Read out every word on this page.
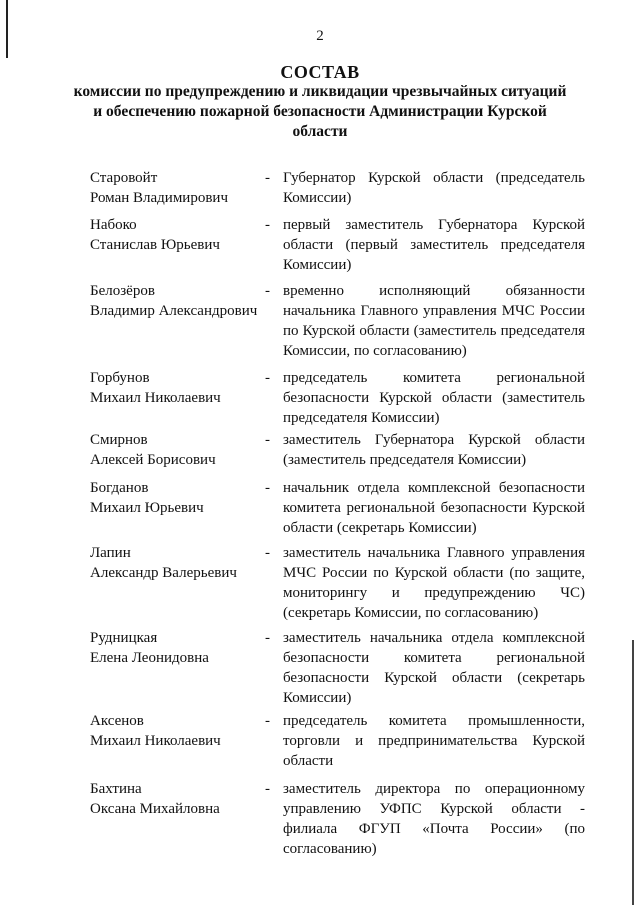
2
СОСТАВ
комиссии по предупреждению и ликвидации чрезвычайных ситуаций
и обеспечению пожарной безопасности Администрации Курской
области
Старовойт
Роман Владимирович
- Губернатор Курской области (председатель
Комиссии)
Набоко
Станислав Юрьевич
- первый заместитель Губернатора Курской
области (первый заместитель председателя
Комиссии)
Белозёров
Владимир Александрович
- временно исполняющий обязанности
начальника Главного управления МЧС России
по Курской области (заместитель председателя
Комиссии, по согласованию)
Горбунов
Михаил Николаевич
- председатель комитета региональной
безопасности Курской области (заместитель
председателя Комиссии)
Смирнов
Алексей Борисович
- заместитель Губернатора Курской области
(заместитель председателя Комиссии)
Богданов
Михаил Юрьевич
- начальник отдела комплексной безопасности
комитета региональной безопасности Курской
области (секретарь Комиссии)
Лапин
Александр Валерьевич
- заместитель начальника Главного управления
МЧС России по Курской области (по защите,
мониторингу и предупреждению ЧС)
(секретарь Комиссии, по согласованию)
Рудницкая
Елена Леонидовна
- заместитель начальника отдела комплексной
безопасности комитета региональной
безопасности Курской области (секретарь
Комиссии)
Аксенов
Михаил Николаевич
- председатель комитета промышленности,
торговли и предпринимательства Курской
области
Бахтина
Оксана Михайловна
- заместитель директора по операционному
управлению УФПС Курской области -
филиала ФГУП «Почта России» (по
согласованию)
